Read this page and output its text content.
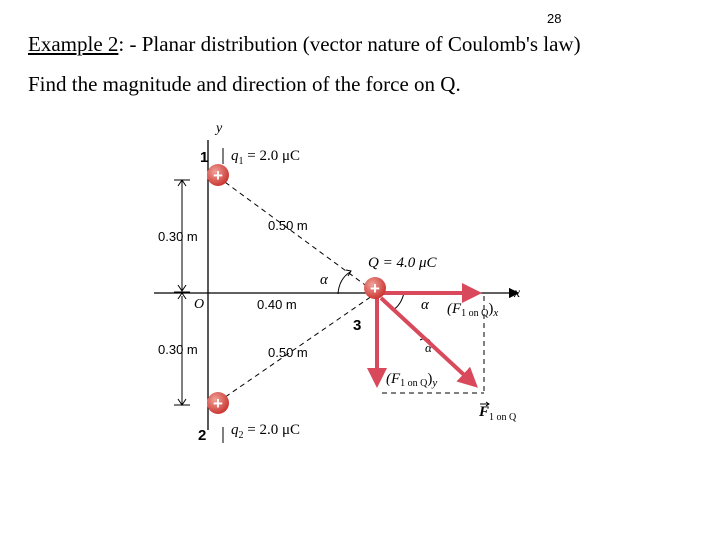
28
Example 2: - Planar distribution (vector nature of Coulomb's law)
Find the magnitude and direction of the force on Q.
y
x
O
0.30 m
0.30 m
0.50 m
0.50 m
0.40 m
α
α
α
$(F_{1 on Q})_x$
$(F_{1 on Q})_y$
$F_{1 on Q}$
$q_1 = 2.0$ μC
$q_2 = 2.0$ μC
Q = 4.0 μC
+
+
+
1
2
3
